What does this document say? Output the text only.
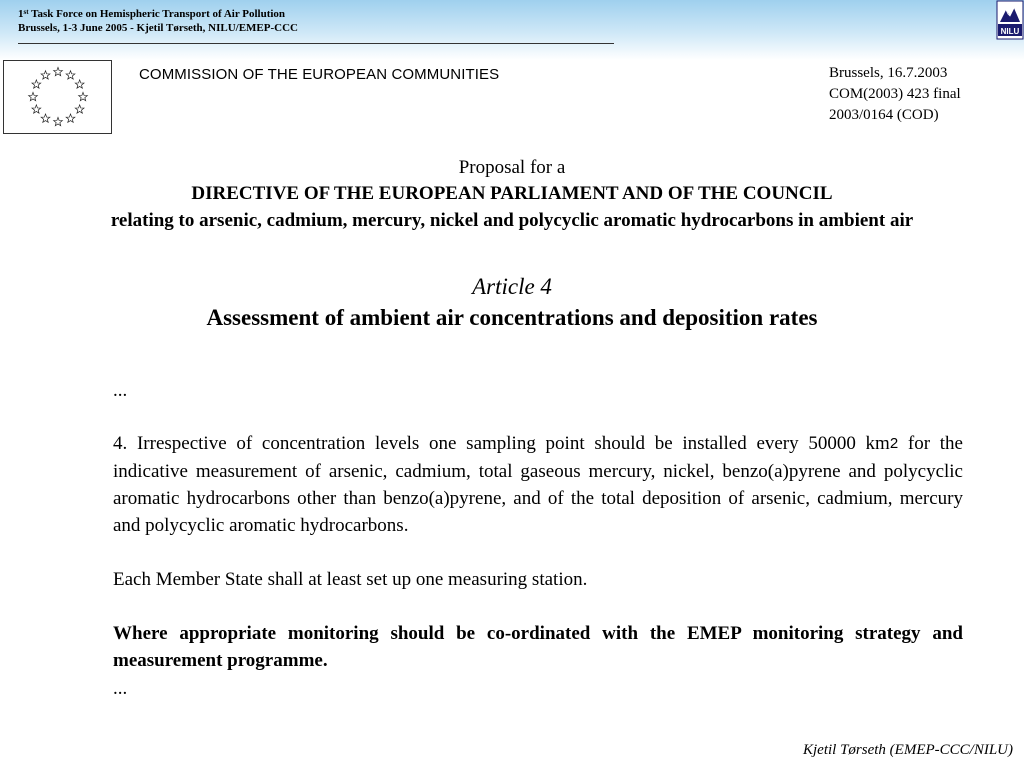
1st Task Force on Hemispheric Transport of Air Pollution
Brussels, 1-3 June 2005 - Kjetil Tørseth, NILU/EMEP-CCC	NILU
COMMISSION OF THE EUROPEAN COMMUNITIES	Brussels, 16.7.2003
COM(2003) 423 final
2003/0164 (COD)
Proposal for a
DIRECTIVE OF THE EUROPEAN PARLIAMENT AND OF THE COUNCIL
relating to arsenic, cadmium, mercury, nickel and polycyclic aromatic hydrocarbons in ambient air
Article 4
Assessment of ambient air concentrations and deposition rates
...
4. Irrespective of concentration levels one sampling point should be installed every 50000 km2 for the indicative measurement of arsenic, cadmium, total gaseous mercury, nickel, benzo(a)pyrene and polycyclic aromatic hydrocarbons other than benzo(a)pyrene, and of the total deposition of arsenic, cadmium, mercury and polycyclic aromatic hydrocarbons.
Each Member State shall at least set up one measuring station.
Where appropriate monitoring should be co-ordinated with the EMEP monitoring strategy and measurement programme.
...
Kjetil Tørseth (EMEP-CCC/NILU)
